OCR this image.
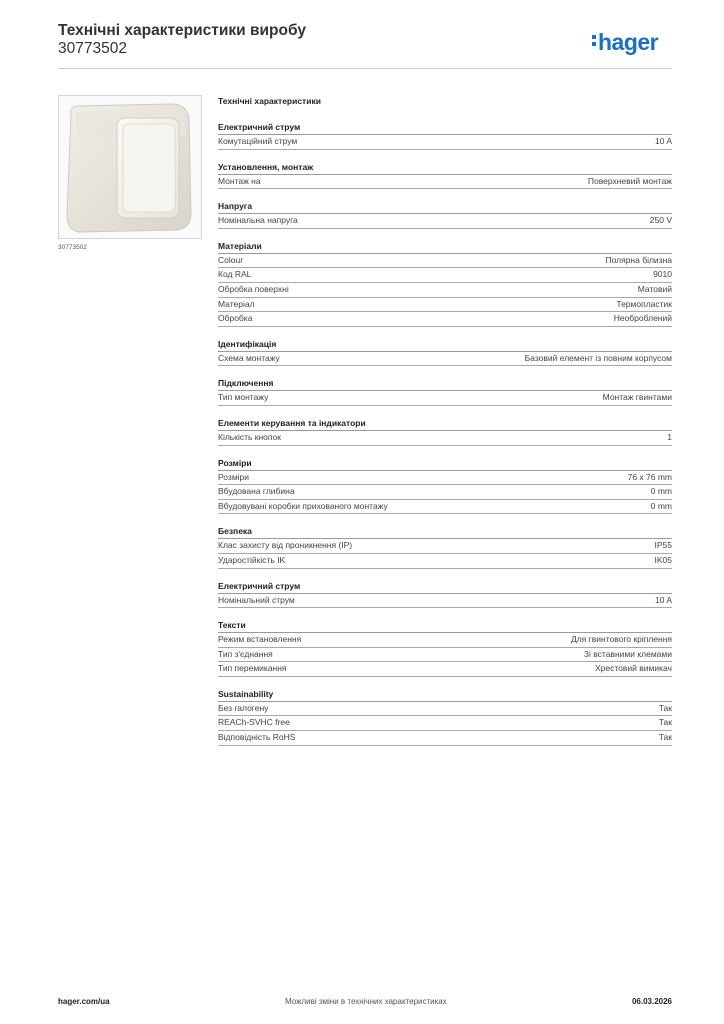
Технічні характеристики виробу
30773502	hager
30773502
Технічні характеристики
Електричний струм
Комутаційний струм	10 A
Установлення, монтаж
Монтаж на	Поверхневий монтаж
Напруга
Номінальна напруга	250 V
Матеріали
Colour	Полярна білизна
Код RAL	9010
Обробка поверхні	Матовий
Матеріал	Термопластик
Обробка	Необроблений
Ідентифікація
Схема монтажу	Базовий елемент із повним корпусом
Підключення
Тип монтажу	Монтаж гвинтами
Елементи керування та індикатори
Кількість кнопок	1
Розміри
Розміри	76 x 76 mm
Вбудована глибина	0 mm
Вбудовувані коробки прихованого монтажу	0 mm
Безпека
Клас захисту від проникнення (IP)	IP55
Ударостійкість IK	IK05
Електричний струм
Номінальний струм	10 A
Тексти
Режим встановлення	Для гвинтового кріплення
Тип з'єднання	Зі вставними клемами
Тип перемикання	Хрестовий вимикач
Sustainability
Без галогену	Так
REACh-SVHC free	Так
Відповідність RoHS	Так
hager.com/ua	Можливі зміни в технічних характеристиках	06.03.2026
